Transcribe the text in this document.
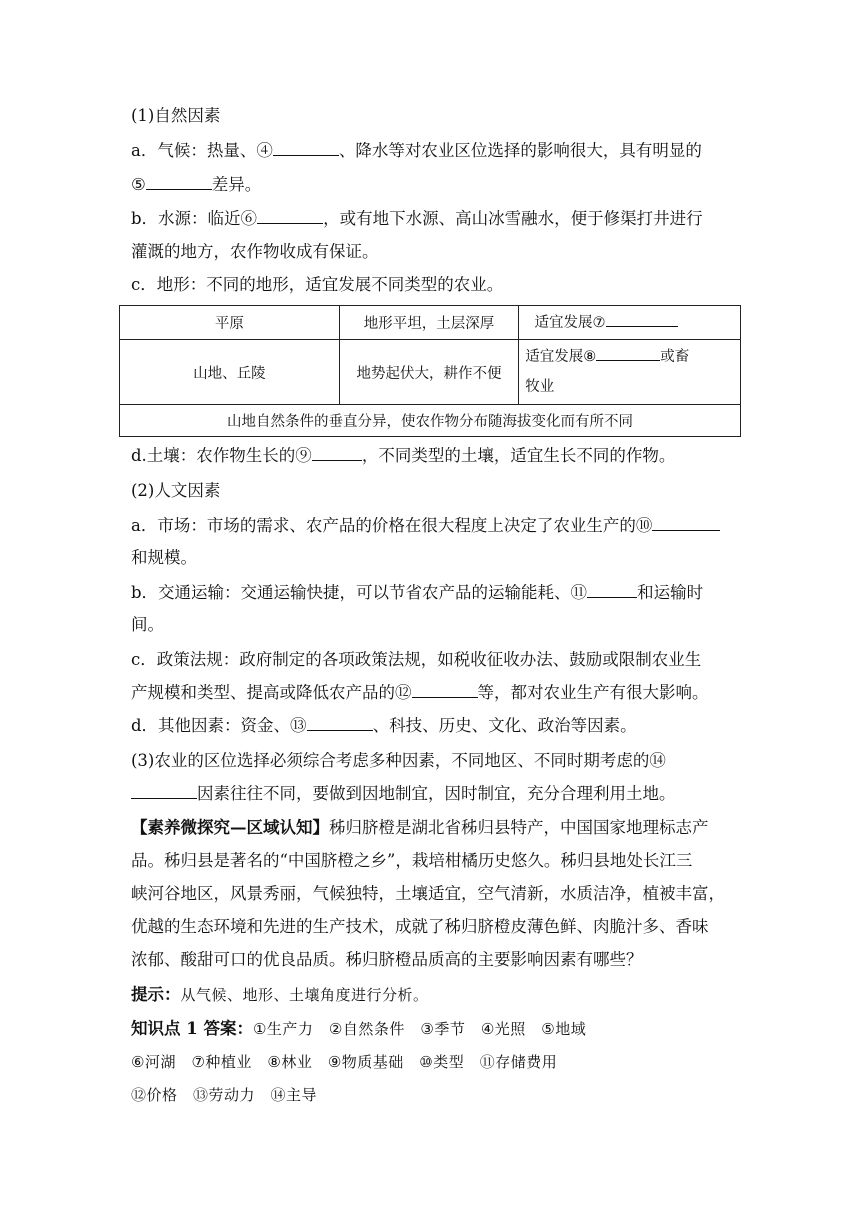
(1)自然因素
a．气候：热量、④	、降水等对农业区位选择的影响很大，具有明显的
⑤	差异。
b．水源：临近⑥	，或有地下水源、高山冰雪融水，便于修渠打井进行
灌溉的地方，农作物收成有保证。
c．地形：不同的地形，适宜发展不同类型的农业。
平原	地形平坦，土层深厚	适宜发展⑦
山地、丘陵	地势起伏大，耕作不便	适宜发展⑧ 或畜
牧业
山地自然条件的垂直分异，使农作物分布随海拔变化而有所不同		
d.土壤：农作物生长的⑨	，不同类型的土壤，适宜生长不同的作物。
(2)人文因素
a．市场：市场的需求、农产品的价格在很大程度上决定了农业生产的⑩
和规模。
b．交通运输：交通运输快捷，可以节省农产品的运输能耗、⑪	和运输时
间。
c．政策法规：政府制定的各项政策法规，如税收征收办法、鼓励或限制农业生
产规模和类型、提高或降低农产品的⑫	等，都对农业生产有很大影响。
d．其他因素：资金、⑬	、科技、历史、文化、政治等因素。
(3)农业的区位选择必须综合考虑多种因素，不同地区、不同时期考虑的⑭
因素往往不同，要做到因地制宜，因时制宜，充分合理利用土地。
【素养微探究—区域认知】秭归脐橙是湖北省秭归县特产，中国国家地理标志产
品。秭归县是著名的“中国脐橙之乡”，栽培柑橘历史悠久。秭归县地处长江三
峡河谷地区，风景秀丽，气候独特，土壤适宜，空气清新，水质洁净，植被丰富，
优越的生态环境和先进的生产技术，成就了秭归脐橙皮薄色鲜、肉脆汁多、香味
浓郁、酸甜可口的优良品质。秭归脐橙品质高的主要影响因素有哪些？
提示：从气候、地形、土壤角度进行分析。
知识点 1 答案：①生产力　②自然条件　③季节　④光照　⑤地域
⑥河湖　⑦种植业　⑧林业　⑨物质基础　⑩类型　⑪存储费用
⑫价格　⑬劳动力　⑭主导
